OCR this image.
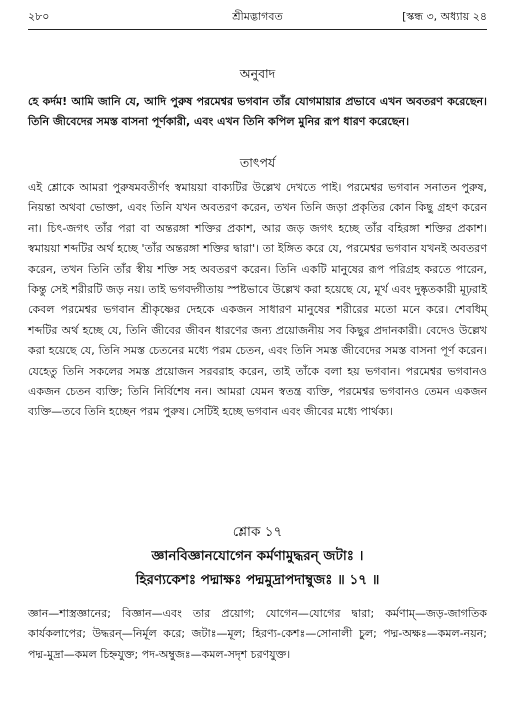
২৮০	শ্রীমদ্ভাগবত	[স্কন্ধ ৩, অধ্যায় ২৪
অনুবাদ
হে কর্দম! আমি জানি যে, আদি পুরুষ পরমেশ্বর ভগবান তাঁর যোগমায়ার প্রভাবে এখন অবতরণ করেছেন। তিনি জীবেদের সমস্ত বাসনা পূর্ণকারী, এবং এখন তিনি কপিল মুনির রূপ ধারণ করেছেন।
তাৎপর্য
এই শ্লোকে আমরা পুরুষমবতীর্ণং স্বমায়য়া বাক্যটির উল্লেখ দেখতে পাই। পরমেশ্বর ভগবান সনাতন পুরুষ, নিয়ন্তা অথবা ভোক্তা, এবং তিনি যখন অবতরণ করেন, তখন তিনি জড়া প্রকৃতির কোন কিছু গ্রহণ করেন না। চিৎ-জগৎ তাঁর পরা বা অন্তরঙ্গা শক্তির প্রকাশ, আর জড় জগৎ হচ্ছে তাঁর বহিরঙ্গা শক্তির প্রকাশ। স্বমায়য়া শব্দটির অর্থ হচ্ছে 'তাঁর অন্তরঙ্গা শক্তির দ্বারা'। তা ইঙ্গিত করে যে, পরমেশ্বর ভগবান যখনই অবতরণ করেন, তখন তিনি তাঁর স্বীয় শক্তি সহ অবতরণ করেন। তিনি একটি মানুষের রূপ পরিগ্রহ করতে পারেন, কিন্তু সেই শরীরটি জড় নয়। তাই ভগবদ্গীতায় স্পষ্টভাবে উল্লেখ করা হয়েছে যে, মূর্খ এবং দুষ্কৃতকারী মূঢ়রাই কেবল পরমেশ্বর ভগবান শ্রীকৃষ্ণের দেহকে একজন সাধারণ মানুষের শরীরের মতো মনে করে। শেবধিম্ শব্দটির অর্থ হচ্ছে যে, তিনি জীবের জীবন ধারণের জন্য প্রয়োজনীয় সব কিছুর প্রদানকারী। বেদেও উল্লেখ করা হয়েছে যে, তিনি সমস্ত চেতনের মধ্যে পরম চেতন, এবং তিনি সমস্ত জীবেদের সমস্ত বাসনা পূর্ণ করেন। যেহেতু তিনি সকলের সমস্ত প্রয়োজন সরবরাহ করেন, তাই তাঁকে বলা হয় ভগবান। পরমেশ্বর ভগবানও একজন চেতন ব্যক্তি; তিনি নির্বিশেষ নন। আমরা যেমন স্বতন্ত্র ব্যক্তি, পরমেশ্বর ভগবানও তেমন একজন ব্যক্তি—তবে তিনি হচ্ছেন পরম পুরুষ। সেটিই হচ্ছে ভগবান এবং জীবের মধ্যে পার্থক্য।
শ্লোক ১৭
জ্ঞানবিজ্ঞানযোগেন কর্মণামুদ্ধরন্ জটাঃ ।
হিরণ্যকেশঃ পদ্মাক্ষঃ পদ্মমুদ্রাপদাম্বুজঃ ॥ ১৭ ॥
জ্ঞান—শাস্ত্রজ্ঞানের; বিজ্ঞান—এবং তার প্রয়োগ; যোগেন—যোগের দ্বারা; কর্মণাম্—জড়-জাগতিক কার্যকলাপের; উদ্ধরন্—নির্মূল করে; জটাঃ—মূল; হিরণ্য-কেশঃ—সোনালী চুল; পদ্ম-অক্ষঃ—কমল-নয়ন; পদ্ম-মুদ্রা—কমল চিহ্নযুক্ত; পদ-অম্বুজঃ—কমল-সদৃশ চরণযুক্ত।
